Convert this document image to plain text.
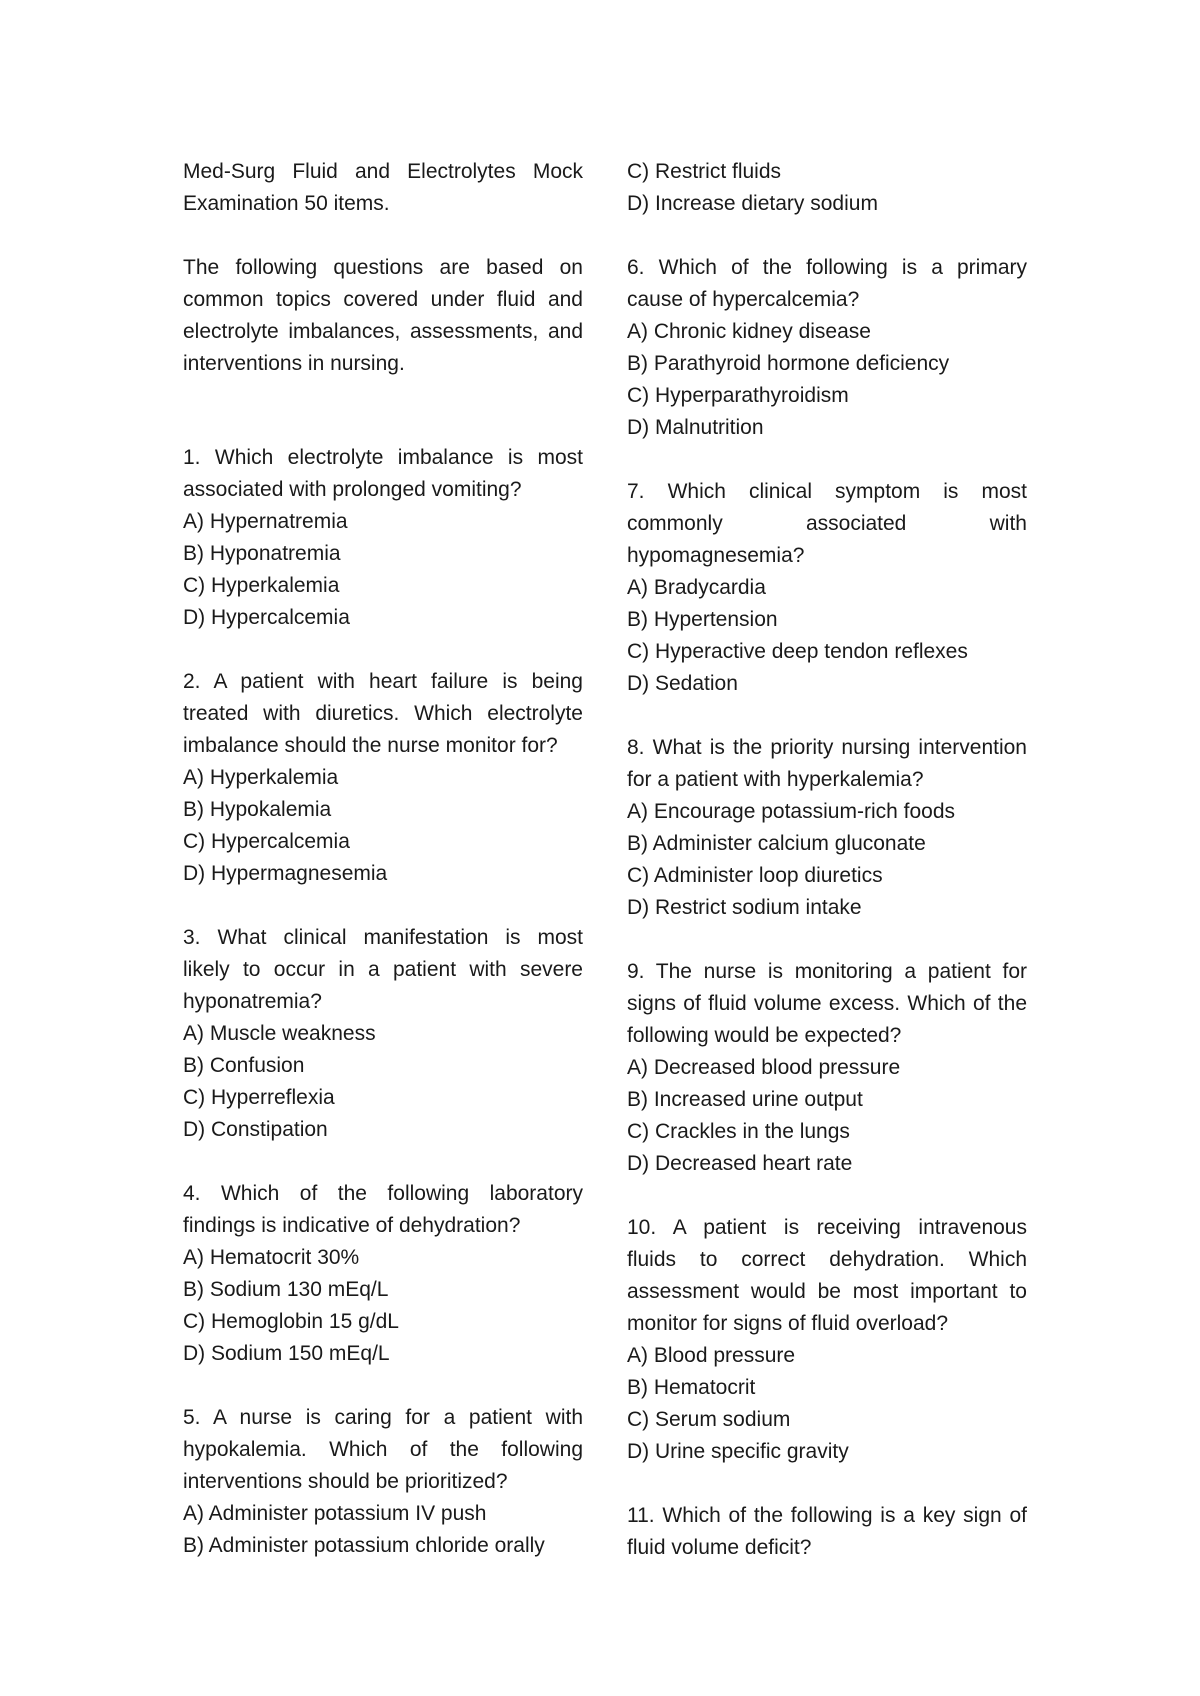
Med-Surg Fluid and Electrolytes Mock
Examination 50 items.
The following questions are based on
common topics covered under fluid and
electrolyte imbalances, assessments, and
interventions in nursing.
1. Which electrolyte imbalance is most
associated with prolonged vomiting?
A) Hypernatremia
B) Hyponatremia
C) Hyperkalemia
D) Hypercalcemia
2. A patient with heart failure is being
treated with diuretics. Which electrolyte
imbalance should the nurse monitor for?
A) Hyperkalemia
B) Hypokalemia
C) Hypercalcemia
D) Hypermagnesemia
3. What clinical manifestation is most
likely to occur in a patient with severe
hyponatremia?
A) Muscle weakness
B) Confusion
C) Hyperreflexia
D) Constipation
4. Which of the following laboratory
findings is indicative of dehydration?
A) Hematocrit 30%
B) Sodium 130 mEq/L
C) Hemoglobin 15 g/dL
D) Sodium 150 mEq/L
5. A nurse is caring for a patient with
hypokalemia. Which of the following
interventions should be prioritized?
A) Administer potassium IV push
B) Administer potassium chloride orally
C) Restrict fluids
D) Increase dietary sodium
6. Which of the following is a primary
cause of hypercalcemia?
A) Chronic kidney disease
B) Parathyroid hormone deficiency
C) Hyperparathyroidism
D) Malnutrition
7. Which clinical symptom is most
commonly associated with
hypomagnesemia?
A) Bradycardia
B) Hypertension
C) Hyperactive deep tendon reflexes
D) Sedation
8. What is the priority nursing intervention
for a patient with hyperkalemia?
A) Encourage potassium-rich foods
B) Administer calcium gluconate
C) Administer loop diuretics
D) Restrict sodium intake
9. The nurse is monitoring a patient for
signs of fluid volume excess. Which of the
following would be expected?
A) Decreased blood pressure
B) Increased urine output
C) Crackles in the lungs
D) Decreased heart rate
10. A patient is receiving intravenous
fluids to correct dehydration. Which
assessment would be most important to
monitor for signs of fluid overload?
A) Blood pressure
B) Hematocrit
C) Serum sodium
D) Urine specific gravity
11. Which of the following is a key sign of
fluid volume deficit?
